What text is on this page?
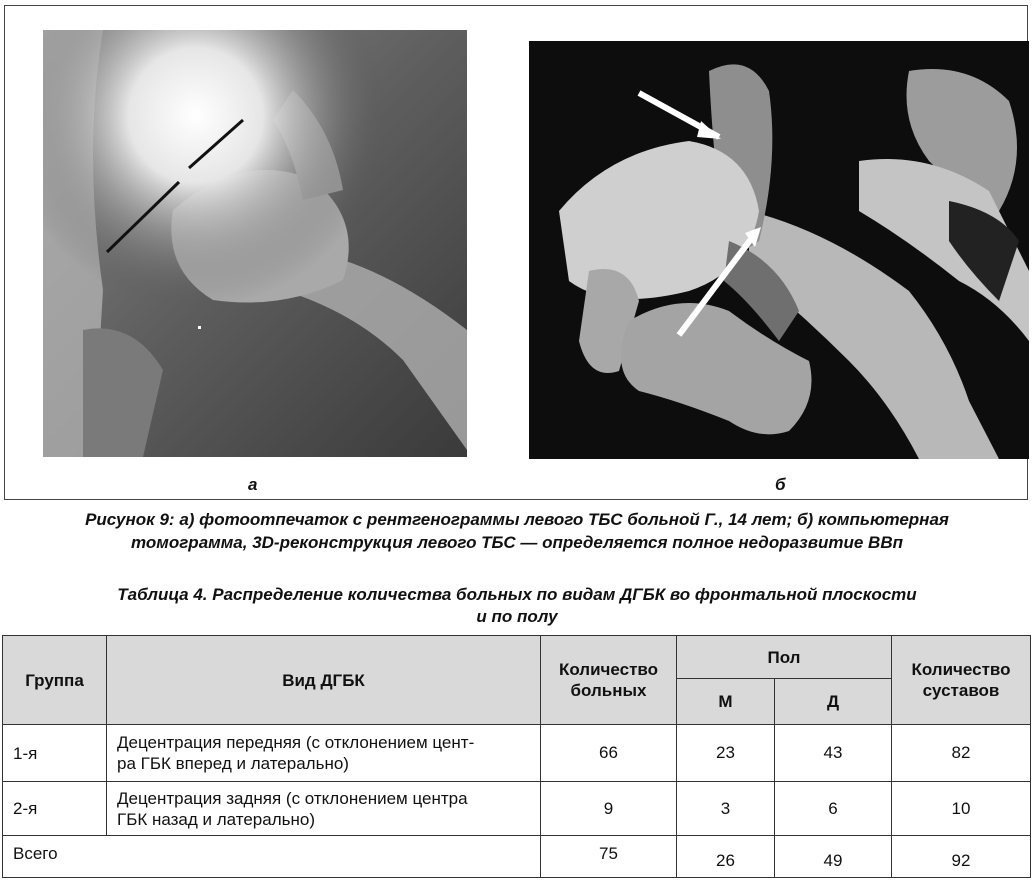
а	б
Рисунок 9: а) фотоотпечаток с рентгенограммы левого ТБС больной Г., 14 лет; б) компьютерная
томограмма, 3D-реконструкция левого ТБС — определяется полное недоразвитие ВВп
Таблица 4. Распределение количества больных по видам ДГБК во фронтальной плоскости
и по полу
Группа	Вид ДГБК	Количество больных	Пол		Количество суставов
			М	Д	
1-я	Децентрация передняя (с отклонением цент-
ра ГБК вперед и латерально)	66	23	43	82
2-я	Децентрация задняя (с отклонением центра
ГБК назад и латерально)	9	3	6	10
Всего		75	26	49	92
